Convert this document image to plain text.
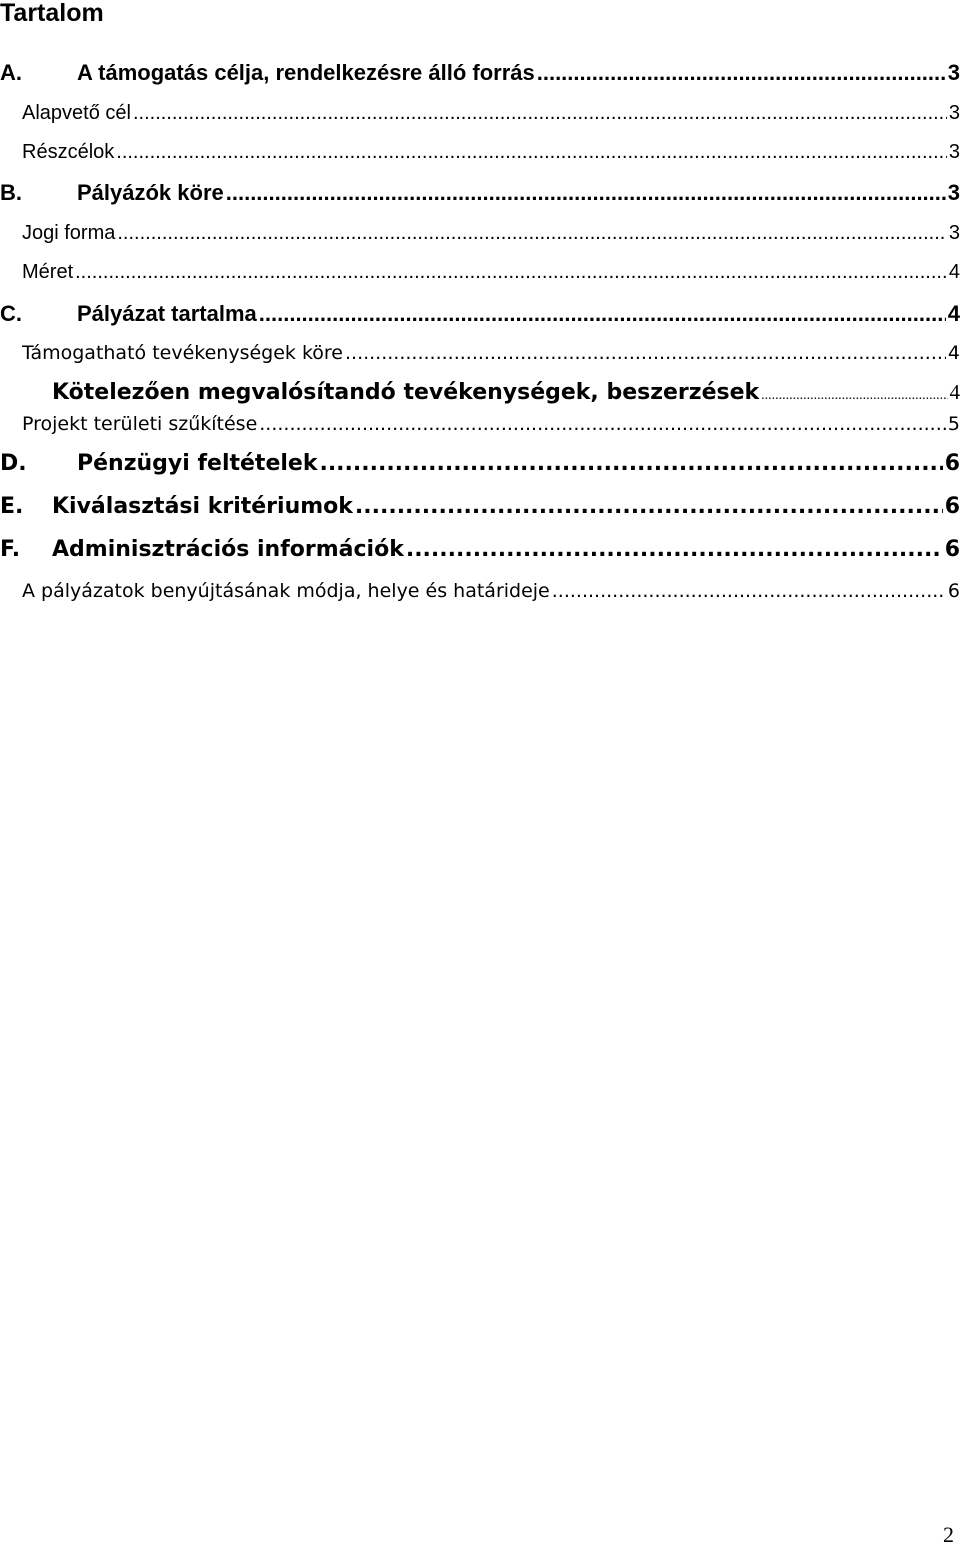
Tartalom
A.	A támogatás célja, rendelkezésre álló forrás .....	3
Alapvető cél .....	3
Részcélok .....	3
B.	Pályázók köre .....	3
Jogi forma .....	3
Méret .....	4
C.	Pályázat tartalma .....	4
Támogatható tevékenységek köre .....	4
Kötelezően megvalósítandó tevékenységek, beszerzések .....	4
Projekt területi szűkítése .....	5
D.	Pénzügyi feltételek .....	6
E.	Kiválasztási kritériumok .....	6
F.	Adminisztrációs információk .....	6
A pályázatok benyújtásának módja, helye és határideje .....	6
2
